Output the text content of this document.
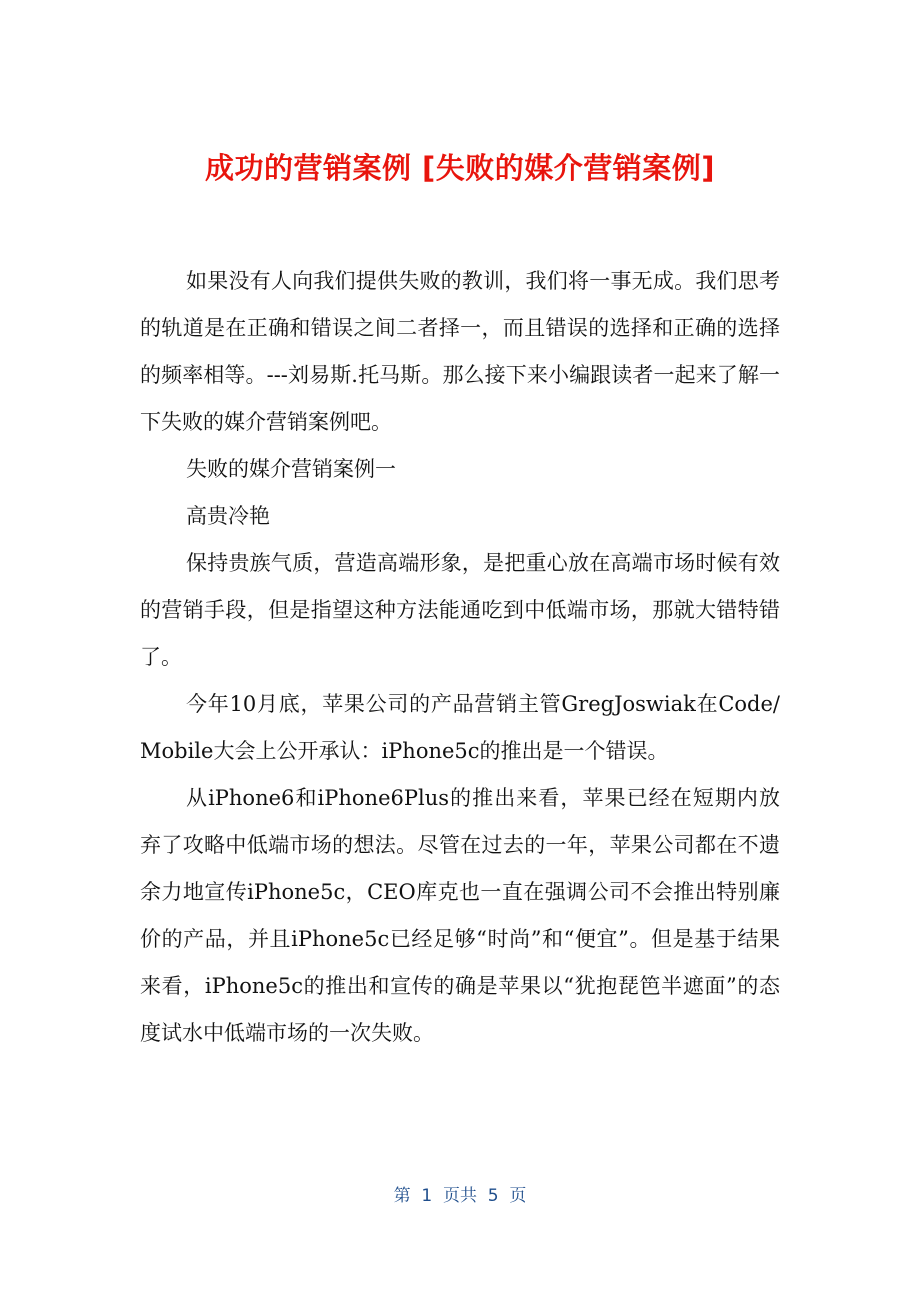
成功的营销案例 [失败的媒介营销案例]

如果没有人向我们提供失败的教训，我们将一事无成。我们思考的轨道是在正确和错误之间二者择一，而且错误的选择和正确的选择的频率相等。---刘易斯.托马斯。那么接下来小编跟读者一起来了解一下失败的媒介营销案例吧。

失败的媒介营销案例一

高贵冷艳

保持贵族气质，营造高端形象，是把重心放在高端市场时候有效的营销手段，但是指望这种方法能通吃到中低端市场，那就大错特错了。

今年10月底，苹果公司的产品营销主管GregJoswiak在Code/Mobile大会上公开承认：iPhone5c的推出是一个错误。

从iPhone6和iPhone6Plus的推出来看，苹果已经在短期内放弃了攻略中低端市场的想法。尽管在过去的一年，苹果公司都在不遗余力地宣传iPhone5c，CEO库克也一直在强调公司不会推出特别廉价的产品，并且iPhone5c已经足够“时尚”和“便宜”。但是基于结果来看，iPhone5c的推出和宣传的确是苹果以“犹抱琵笆半遮面”的态度试水中低端市场的一次失败。

第  1  页共  5  页
